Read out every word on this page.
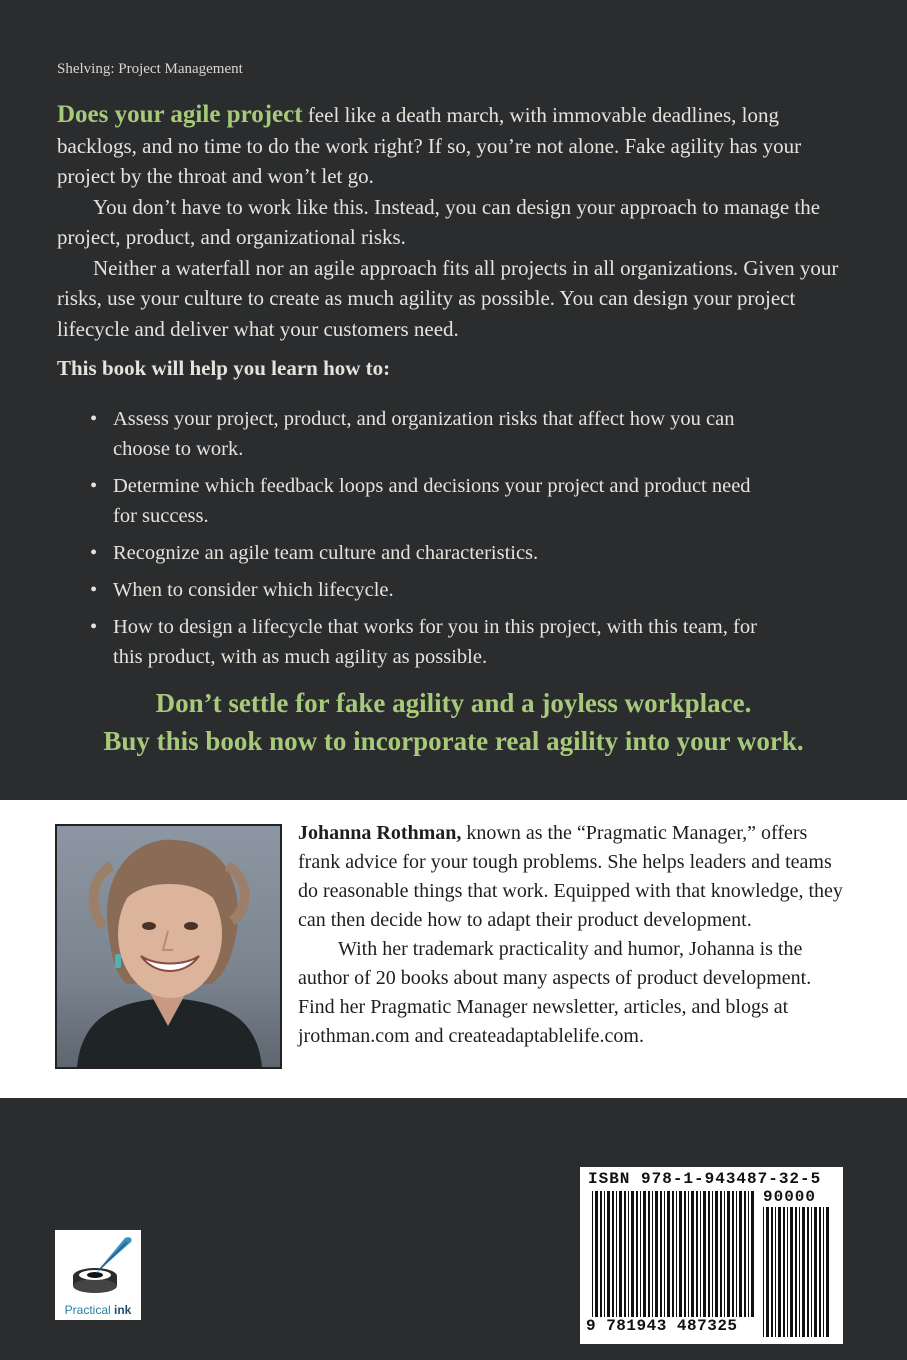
Shelving: Project Management

Does your agile project feel like a death march, with immovable deadlines, long backlogs, and no time to do the work right? If so, you’re not alone. Fake agility has your project by the throat and won’t let go.

You don’t have to work like this. Instead, you can design your approach to manage the project, product, and organizational risks.

Neither a waterfall nor an agile approach fits all projects in all organizations. Given your risks, use your culture to create as much agility as possible. You can design your project lifecycle and deliver what your customers need.

This book will help you learn how to:
• Assess your project, product, and organization risks that affect how you can choose to work.
• Determine which feedback loops and decisions your project and product need for success.
• Recognize an agile team culture and characteristics.
• When to consider which lifecycle.
• How to design a lifecycle that works for you in this project, with this team, for this product, with as much agility as possible.
Don’t settle for fake agility and a joyless workplace.
Buy this book now to incorporate real agility into your work.

Johanna Rothman, known as the “Pragmatic Manager,” offers frank advice for your tough problems. She helps leaders and teams do reasonable things that work. Equipped with that knowledge, they can then decide how to adapt their product development.

With her trademark practicality and humor, Johanna is the author of 20 books about many aspects of product development. Find her Pragmatic Manager newsletter, articles, and blogs at jrothman.com and createadaptablelife.com.

Practical ink
ISBN 978-1-943487-32-5
90000
9 781943 487325
